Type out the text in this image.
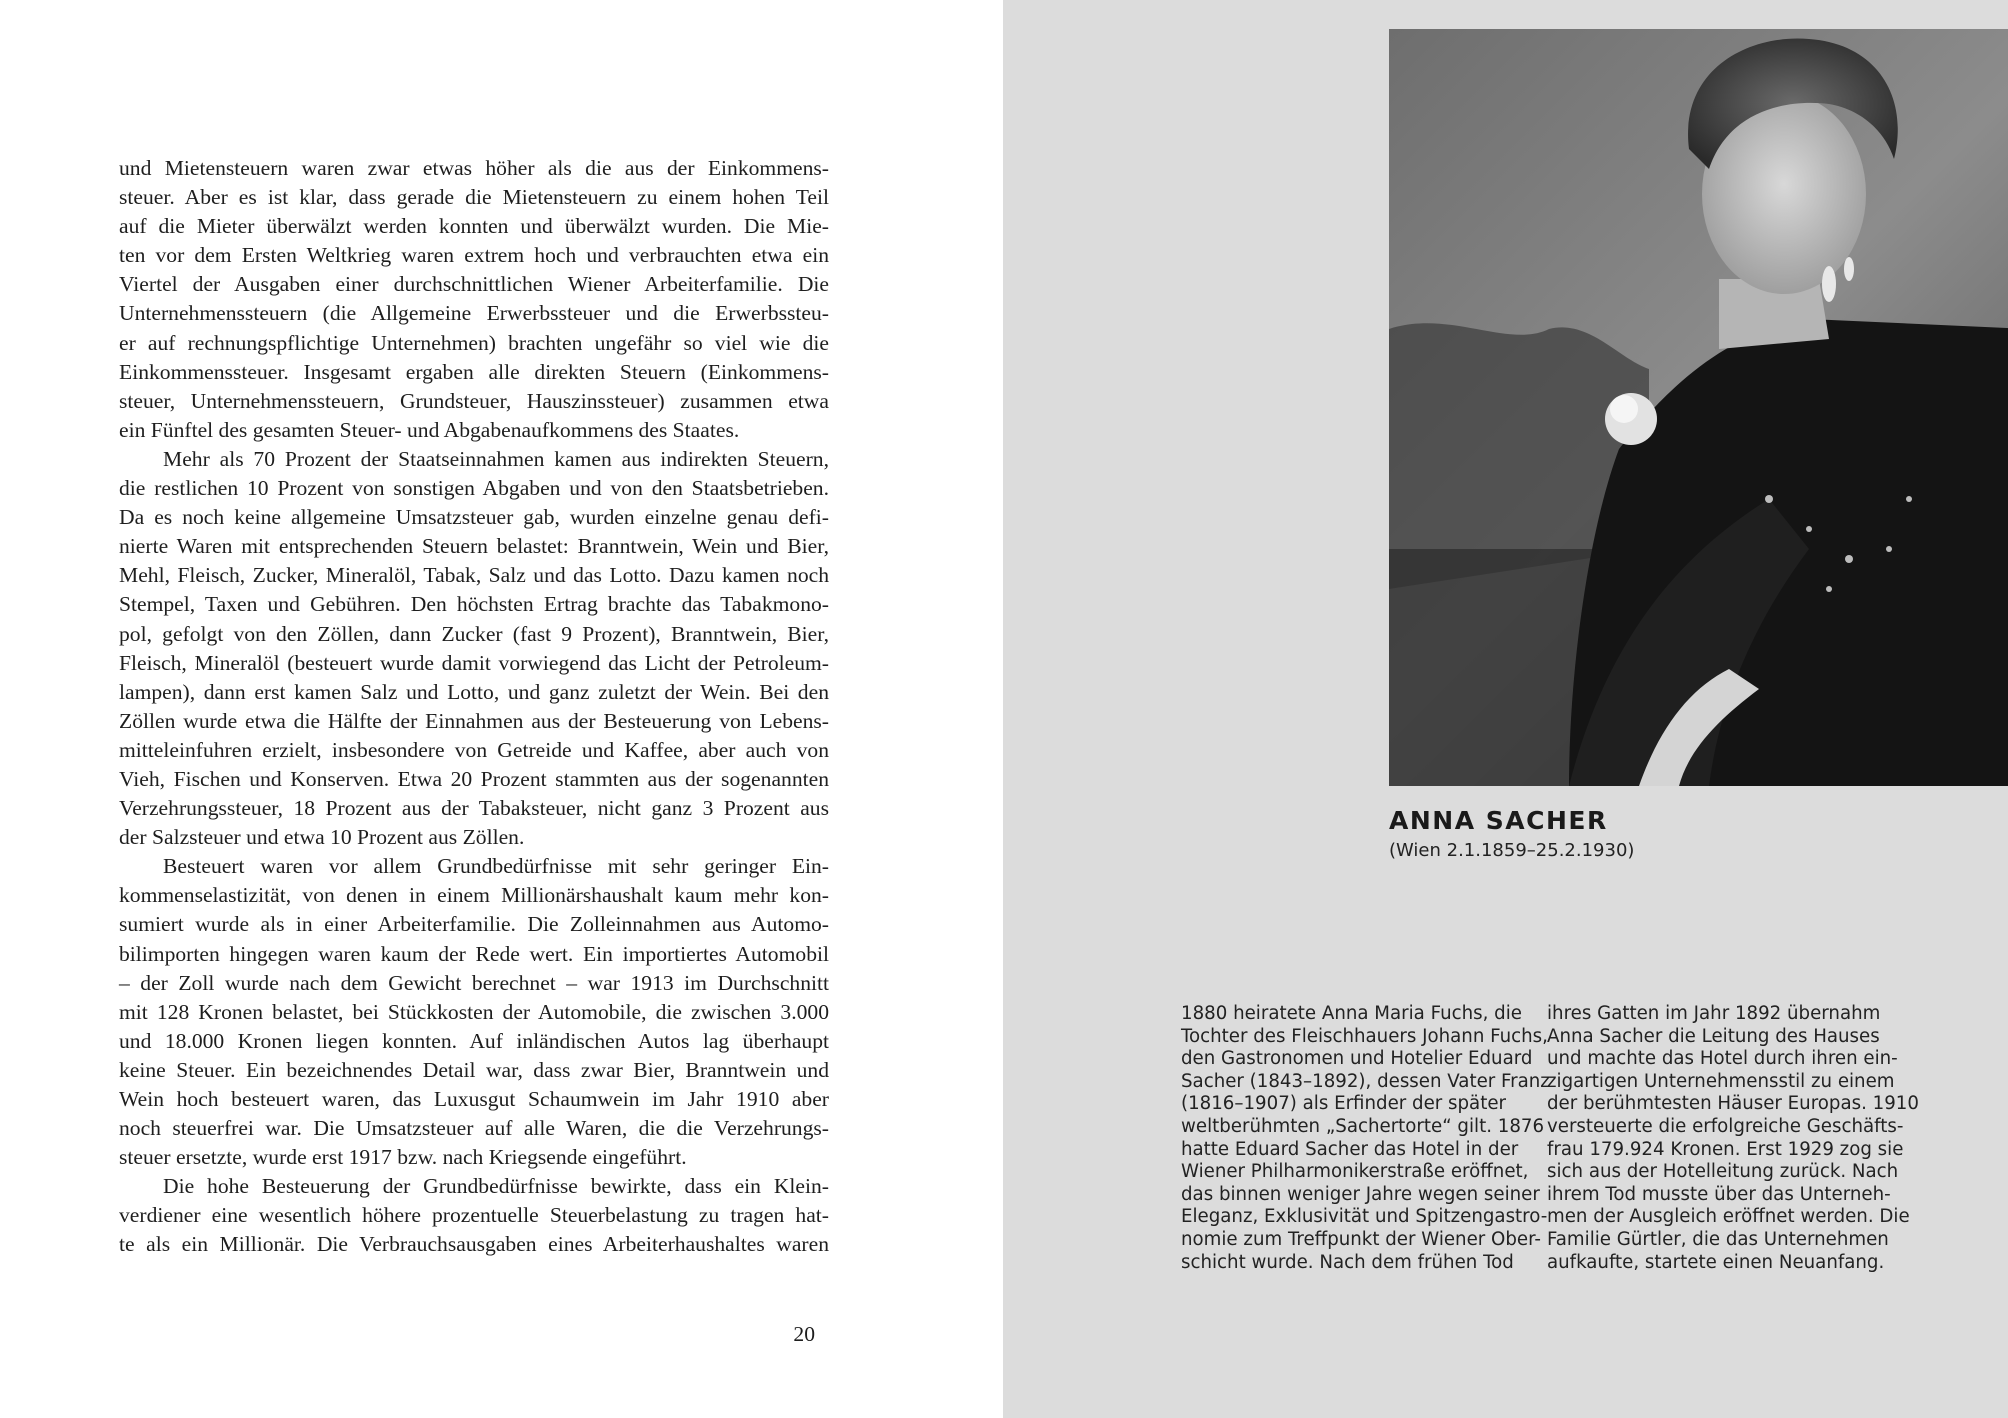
und Mietensteuern waren zwar etwas höher als die aus der Einkommens-
steuer. Aber es ist klar, dass gerade die Mietensteuern zu einem hohen Teil
auf die Mieter überwälzt werden konnten und überwälzt wurden. Die Mie-
ten vor dem Ersten Weltkrieg waren extrem hoch und verbrauchten etwa ein
Viertel der Ausgaben einer durchschnittlichen Wiener Arbeiterfamilie. Die
Unternehmenssteuern (die Allgemeine Erwerbssteuer und die Erwerbssteu-
er auf rechnungspflichtige Unternehmen) brachten ungefähr so viel wie die
Einkommenssteuer. Insgesamt ergaben alle direkten Steuern (Einkommens-
steuer, Unternehmenssteuern, Grundsteuer, Hauszinssteuer) zusammen etwa
ein Fünftel des gesamten Steuer- und Abgabenaufkommens des Staates.
Mehr als 70 Prozent der Staatseinnahmen kamen aus indirekten Steuern,
die restlichen 10 Prozent von sonstigen Abgaben und von den Staatsbetrieben.
Da es noch keine allgemeine Umsatzsteuer gab, wurden einzelne genau defi-
nierte Waren mit entsprechenden Steuern belastet: Branntwein, Wein und Bier,
Mehl, Fleisch, Zucker, Mineralöl, Tabak, Salz und das Lotto. Dazu kamen noch
Stempel, Taxen und Gebühren. Den höchsten Ertrag brachte das Tabakmono-
pol, gefolgt von den Zöllen, dann Zucker (fast 9 Prozent), Branntwein, Bier,
Fleisch, Mineralöl (besteuert wurde damit vorwiegend das Licht der Petroleum-
lampen), dann erst kamen Salz und Lotto, und ganz zuletzt der Wein. Bei den
Zöllen wurde etwa die Hälfte der Einnahmen aus der Besteuerung von Lebens-
mitteleinfuhren erzielt, insbesondere von Getreide und Kaffee, aber auch von
Vieh, Fischen und Konserven. Etwa 20 Prozent stammten aus der sogenannten
Verzehrungssteuer, 18 Prozent aus der Tabaksteuer, nicht ganz 3 Prozent aus
der Salzsteuer und etwa 10 Prozent aus Zöllen.
Besteuert waren vor allem Grundbedürfnisse mit sehr geringer Ein-
kommenselastizität, von denen in einem Millionärshaushalt kaum mehr kon-
sumiert wurde als in einer Arbeiterfamilie. Die Zolleinnahmen aus Automo-
bilimporten hingegen waren kaum der Rede wert. Ein importiertes Automobil
– der Zoll wurde nach dem Gewicht berechnet – war 1913 im Durchschnitt
mit 128 Kronen belastet, bei Stückkosten der Automobile, die zwischen 3.000
und 18.000 Kronen liegen konnten. Auf inländischen Autos lag überhaupt
keine Steuer. Ein bezeichnendes Detail war, dass zwar Bier, Branntwein und
Wein hoch besteuert waren, das Luxusgut Schaumwein im Jahr 1910 aber
noch steuerfrei war. Die Umsatzsteuer auf alle Waren, die die Verzehrungs-
steuer ersetzte, wurde erst 1917 bzw. nach Kriegsende eingeführt.
Die hohe Besteuerung der Grundbedürfnisse bewirkte, dass ein Klein-
verdiener eine wesentlich höhere prozentuelle Steuerbelastung zu tragen hat-
te als ein Millionär. Die Verbrauchsausgaben eines Arbeiterhaushaltes waren
20
ANNA SACHER
(Wien 2.1.1859–25.2.1930)
1880 heiratete Anna Maria Fuchs, die
Tochter des Fleischhauers Johann Fuchs,
den Gastronomen und Hotelier Eduard
Sacher (1843–1892), dessen Vater Franz
(1816–1907) als Erfinder der später
weltberühmten „Sachertorte“ gilt. 1876
hatte Eduard Sacher das Hotel in der
Wiener Philharmonikerstraße eröffnet,
das binnen weniger Jahre wegen seiner
Eleganz, Exklusivität und Spitzengastro-
nomie zum Treffpunkt der Wiener Ober-
schicht wurde. Nach dem frühen Tod
ihres Gatten im Jahr 1892 übernahm
Anna Sacher die Leitung des Hauses
und machte das Hotel durch ihren ein-
zigartigen Unternehmensstil zu einem
der berühmtesten Häuser Europas. 1910
versteuerte die erfolgreiche Geschäfts-
frau 179.924 Kronen. Erst 1929 zog sie
sich aus der Hotelleitung zurück. Nach
ihrem Tod musste über das Unterneh-
men der Ausgleich eröffnet werden. Die
Familie Gürtler, die das Unternehmen
aufkaufte, startete einen Neuanfang.
